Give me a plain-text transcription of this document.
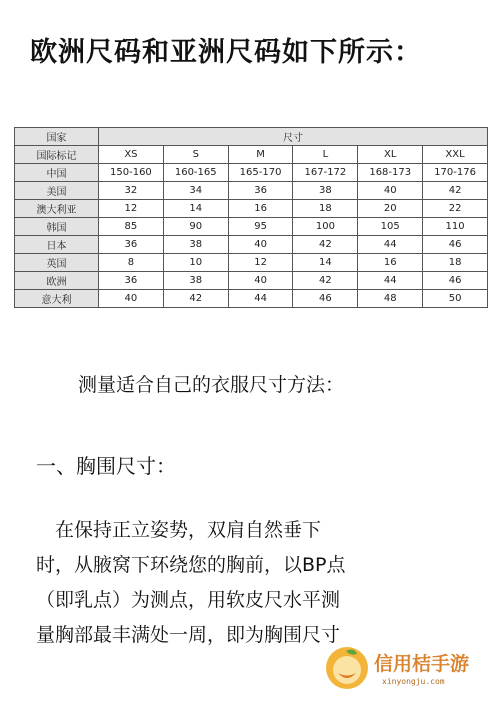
欧洲尺码和亚洲尺码如下所示：
国家	尺寸					
国际标记	XS	S	M	L	XL	XXL
中国	150-160	160-165	165-170	167-172	168-173	170-176
美国	32	34	36	38	40	42
澳大利亚	12	14	16	18	20	22
韩国	85	90	95	100	105	110
日本	36	38	40	42	44	46
英国	8	10	12	14	16	18
欧洲	36	38	40	42	44	46
意大利	40	42	44	46	48	50
测量适合自己的衣服尺寸方法：
一、胸围尺寸：
　在保持正立姿势，双肩自然垂下
时，从腋窝下环绕您的胸前，以BP点
（即乳点）为测点，用软皮尺水平测
量胸部最丰满处一周，即为胸围尺寸
信用桔手游
xinyongju.com
